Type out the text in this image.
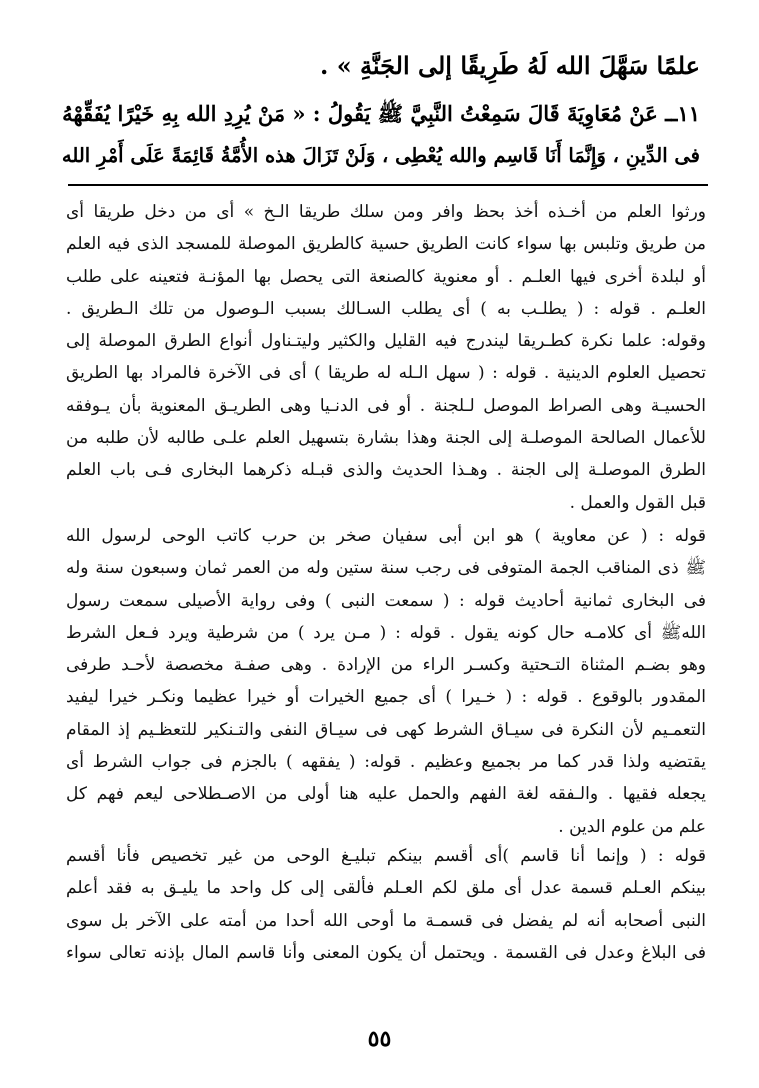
علمًا سَهَّلَ الله لَهُ طَرِيقًا إلى الجَنَّةِ » .
١١ــ عَنْ مُعَاوِيَةَ قَالَ سَمِعْتُ النَّبِيَّ ﷺ يَقُولُ : « مَنْ يُرِدِ الله بِهِ خَيْرًا يُفَقِّهْهُ
فى الدِّينِ ، وَإِنَّمَا أَنَا قَاسِم والله يُعْطِى ، وَلَنْ تَزَالَ هذه الأُمَّةُ قَائِمَةً عَلَى أَمْرِ الله
ورثوا العلم من أخـذه أخذ بحظ وافر ومن سلك طريقا الـخ » أى من دخل طريقا أى
من طريق وتلبس بها سواء كانت الطريق حسية كالطريق الموصلة للمسجد الذى فيه العلم
أو لبلدة أخرى فيها العلـم . أو معنوية كالصنعة التى يحصل بها المؤنـة فتعينه على طلب
العلـم . قوله : ( يطلـب به ) أى يطلب السـالك بسبب الـوصول من تلك الـطريق .
وقوله: علما نكرة كطـريقا ليندرج فيه القليل والكثير وليتـناول أنواع الطرق الموصلة إلى
تحصيل العلوم الدينية . قوله : ( سهل الـله له طريقا ) أى فى الآخرة فالمراد بها الطريق
الحسيـة وهى الصراط الموصل لـلجنة . أو فى الدنـيا وهى الطريـق المعنوية بأن يـوفقه
للأعمال الصالحة الموصلـة إلى الجنة وهذا بشارة بتسهيل العلم علـى طالبه لأن طلبه من
الطرق الموصلـة إلى الجنة . وهـذا الحديث والذى قبـله ذكرهما البخارى فـى باب العلم
قبل القول والعمل .
قوله : ( عن معاوية ) هو ابن أبى سفيان صخر بن حرب كاتب الوحى لرسول الله
ﷺ ذى المناقب الجمة المتوفى فى رجب سنة ستين وله من العمر ثمان وسبعون سنة وله
فى البخارى ثمانية أحاديث قوله : ( سمعت النبى ) وفى رواية الأصيلى سمعت رسول
اللهﷺ أى كلامـه حال كونه يقول . قوله : ( مـن يرد ) من شرطية ويرد فـعل الشرط
وهو بضـم المثناة التـحتية وكسـر الراء من الإرادة . وهى صفـة مخصصة لأحـد طرفى
المقدور بالوقوع . قوله : ( خـيرا ) أى جميع الخيرات أو خيرا عظيما ونكـر خيرا ليفيد
التعمـيم لأن النكرة فى سيـاق الشرط كهى فى سيـاق النفى والتـنكير للتعظـيم إذ المقام
يقتضيه ولذا قدر كما مر بجميع وعظيم . قوله: ( يفقهه ) بالجزم فى جواب الشرط أى
يجعله فقيها . والـفقه لغة الفهم والحمل عليه هنا أولى من الاصـطلاحى ليعم فهم كل
علم من علوم الدين .
قوله : ( وإنما أنا قاسم )أى أقسم بينكم تبليـغ الوحى من غير تخصيص فأنا أقسم
بينكم العـلم قسمة عدل أى ملق لكم العـلم فألقى إلى كل واحد ما يليـق به فقد أعلم
النبى أصحابه أنه لم يفضل فى قسمـة ما أوحى الله أحدا من أمته على الآخر بل سوى
فى البلاغ وعدل فى القسمة . ويحتمل أن يكون المعنى وأنا قاسم المال بإذنه تعالى سواء
٥٥
